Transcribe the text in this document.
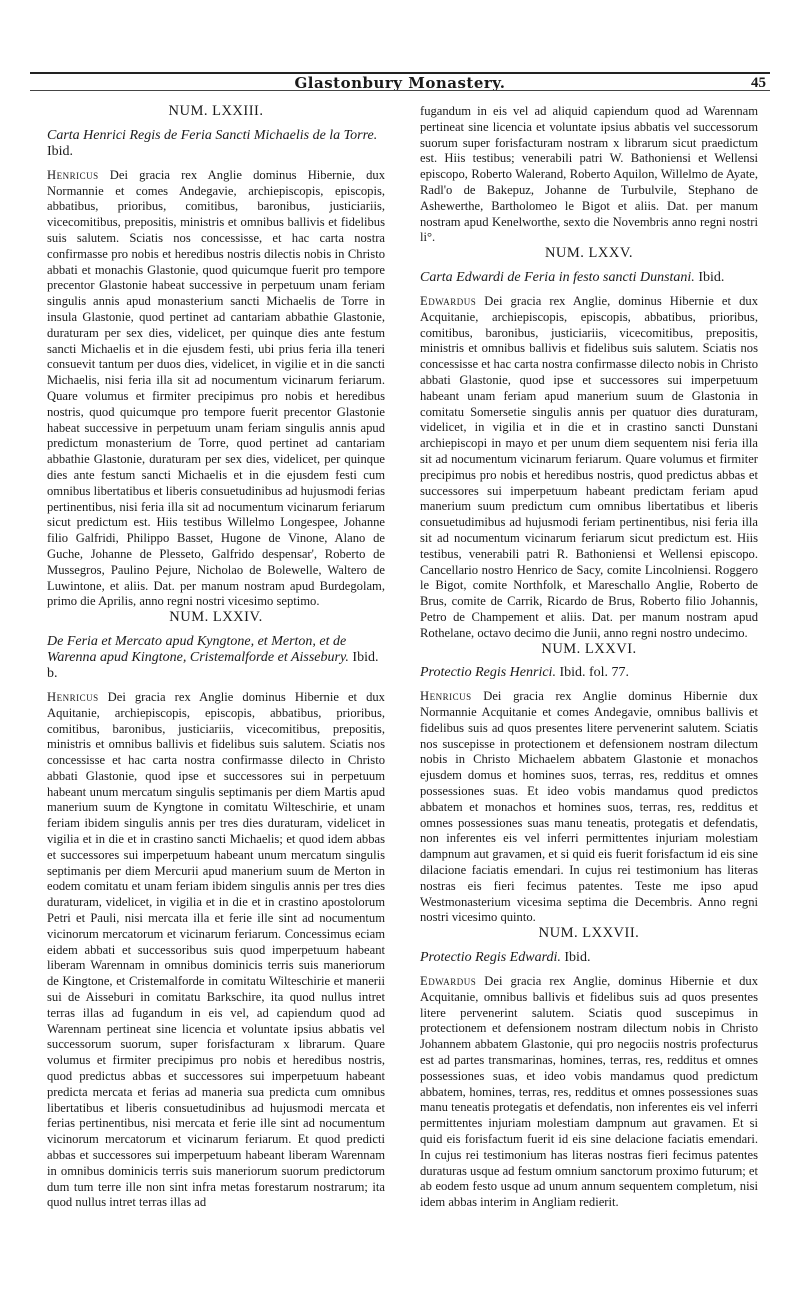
Glastonbury Monastery.	45
NUM. LXXIII.
Carta Henrici Regis de Feria Sancti Michaelis de la Torre. Ibid.

Henricus Dei gracia rex Anglie dominus Hibernie, dux Normannie et comes Andegavie, archiepiscopis, episcopis, abbatibus, prioribus, comitibus, baronibus, justiciariis, vicecomitibus, prepositis, ministris et omnibus ballivis et fidelibus suis salutem. Sciatis nos concessisse, et hac carta nostra confirmasse pro nobis et heredibus nostris dilectis nobis in Christo abbati et monachis Glastonie, quod quicumque fuerit pro tempore precentor Glastonie habeat successive in perpetuum unam feriam singulis annis apud monasterium sancti Michaelis de Torre in insula Glastonie, quod pertinet ad cantariam abbathie Glastonie, duraturam per sex dies, videlicet, per quinque dies ante festum sancti Michaelis et in die ejusdem festi, ubi prius feria illa teneri consuevit tantum per duos dies, videlicet, in vigilie et in die sancti Michaelis, nisi feria illa sit ad nocumentum vicinarum feriarum. Quare volumus et firmiter precipimus pro nobis et heredibus nostris, quod quicumque pro tempore fuerit precentor Glastonie habeat successive in perpetuum unam feriam singulis annis apud predictum monasterium de Torre, quod pertinet ad cantariam abbathie Glastonie, duraturam per sex dies, videlicet, per quinque dies ante festum sancti Michaelis et in die ejusdem festi cum omnibus libertatibus et liberis consuetudinibus ad hujusmodi ferias pertinentibus, nisi feria illa sit ad nocumentum vicinarum feriarum sicut predictum est. Hiis testibus Willelmo Longespee, Johanne filio Galfridi, Philippo Basset, Hugone de Vinone, Alano de Guche, Johanne de Plesseto, Galfrido despensar', Roberto de Mussegros, Paulino Pejure, Nicholao de Bolewelle, Waltero de Luwintone, et aliis. Dat. per manum nostram apud Burdegolam, primo die Aprilis, anno regni nostri vicesimo septimo.

NUM. LXXIV.
De Feria et Mercato apud Kyngtone, et Merton, et de Warenna apud Kingtone, Cristemalforde et Aissebury. Ibid. b.

Henricus Dei gracia rex Anglie dominus Hibernie et dux Aquitanie, archiepiscopis, episcopis, abbatibus, prioribus, comitibus, baronibus, justiciariis, vicecomitibus, prepositis, ministris et omnibus ballivis et fidelibus suis salutem. Sciatis nos concessisse et hac carta nostra confirmasse dilecto in Christo abbati Glastonie, quod ipse et successores sui in perpetuum habeant unum mercatum singulis septimanis per diem Martis apud manerium suum de Kyngtone in comitatu Wilteschirie, et unam feriam ibidem singulis annis per tres dies duraturam, videlicet in vigilia et in die et in crastino sancti Michaelis; et quod idem abbas et successores sui imperpetuum habeant unum mercatum singulis septimanis per diem Mercurii apud manerium suum de Merton in eodem comitatu et unam feriam ibidem singulis annis per tres dies duraturam, videlicet, in vigilia et in die et in crastino apostolorum Petri et Pauli, nisi mercata illa et ferie ille sint ad nocumentum vicinorum mercatorum et vicinarum feriarum. Concessimus eciam eidem abbati et successoribus suis quod imperpetuum habeant liberam Warennam in omnibus dominicis terris suis maneriorum de Kingtone, et Cristemalforde in comitatu Wilteschirie et manerii sui de Aisseburi in comitatu Barkschire, ita quod nullus intret terras illas ad fugandum in eis vel, ad capiendum quod ad Warennam pertineat sine licencia et voluntate ipsius abbatis vel successorum suorum, super forisfacturam x librarum. Quare volumus et firmiter precipimus pro nobis et heredibus nostris, quod predictus abbas et successores sui imperpetuum habeant predicta mercata et ferias ad maneria sua predicta cum omnibus libertatibus et liberis consuetudinibus ad hujusmodi mercata et ferias pertinentibus, nisi mercata et ferie ille sint ad nocumentum vicinorum mercatorum et vicinarum feriarum. Et quod predicti abbas et successores sui imperpetuum habeant liberam Warennam in omnibus dominicis terris suis maneriorum suorum predictorum dum tum terre ille non sint infra metas forestarum nostrarum; ita quod nullus intret terras illas ad

fugandum in eis vel ad aliquid capiendum quod ad Warennam pertineat sine licencia et voluntate ipsius abbatis vel successorum suorum super forisfacturam nostram x librarum sicut praedictum est. Hiis testibus; venerabili patri W. Bathoniensi et Wellensi episcopo, Roberto Walerand, Roberto Aquilon, Willelmo de Ayate, Radl'o de Bakepuz, Johanne de Turbulvile, Stephano de Ashewerthe, Bartholomeo le Bigot et aliis. Dat. per manum nostram apud Kenelworthe, sexto die Novembris anno regni nostri li°.

NUM. LXXV.
Carta Edwardi de Feria in festo sancti Dunstani. Ibid.

Edwardus Dei gracia rex Anglie, dominus Hibernie et dux Acquitanie, archiepiscopis, episcopis, abbatibus, prioribus, comitibus, baronibus, justiciariis, vicecomitibus, prepositis, ministris et omnibus ballivis et fidelibus suis salutem. Sciatis nos concessisse et hac carta nostra confirmasse dilecto nobis in Christo abbati Glastonie, quod ipse et successores sui imperpetuum habeant unam feriam apud manerium suum de Glastonia in comitatu Somersetie singulis annis per quatuor dies duraturam, videlicet, in vigilia et in die et in crastino sancti Dunstani archiepiscopi in mayo et per unum diem sequentem nisi feria illa sit ad nocumentum vicinarum feriarum. Quare volumus et firmiter precipimus pro nobis et heredibus nostris, quod predictus abbas et successores sui imperpetuum habeant predictam feriam apud manerium suum predictum cum omnibus libertatibus et liberis consuetudimibus ad hujusmodi feriam pertinentibus, nisi feria illa sit ad nocumentum vicinarum feriarum sicut predictum est. Hiis testibus, venerabili patri R. Bathoniensi et Wellensi episcopo. Cancellario nostro Henrico de Sacy, comite Lincolniensi. Roggero le Bigot, comite Northfolk, et Mareschallo Anglie, Roberto de Brus, comite de Carrik, Ricardo de Brus, Roberto filio Johannis, Petro de Champement et aliis. Dat. per manum nostram apud Rothelane, octavo decimo die Junii, anno regni nostro undecimo.

NUM. LXXVI.
Protectio Regis Henrici. Ibid. fol. 77.

Henricus Dei gracia rex Anglie dominus Hibernie dux Normannie Acquitanie et comes Andegavie, omnibus ballivis et fidelibus suis ad quos presentes litere pervenerint salutem. Sciatis nos suscepisse in protectionem et defensionem nostram dilectum nobis in Christo Michaelem abbatem Glastonie et monachos ejusdem domus et homines suos, terras, res, redditus et omnes possessiones suas. Et ideo vobis mandamus quod predictos abbatem et monachos et homines suos, terras, res, redditus et omnes possessiones suas manu teneatis, protegatis et defendatis, non inferentes eis vel inferri permittentes injuriam molestiam dampnum aut gravamen, et si quid eis fuerit forisfactum id eis sine dilacione faciatis emendari. In cujus rei testimonium has literas nostras eis fieri fecimus patentes. Teste me ipso apud Westmonasterium vicesima septima die Decembris. Anno regni nostri vicesimo quinto.

NUM. LXXVII.
Protectio Regis Edwardi. Ibid.

Edwardus Dei gracia rex Anglie, dominus Hibernie et dux Acquitanie, omnibus ballivis et fidelibus suis ad quos presentes litere pervenerint salutem. Sciatis quod suscepimus in protectionem et defensionem nostram dilectum nobis in Christo Johannem abbatem Glastonie, qui pro negociis nostris profecturus est ad partes transmarinas, homines, terras, res, redditus et omnes possessiones suas, et ideo vobis mandamus quod predictum abbatem, homines, terras, res, redditus et omnes possessiones suas manu teneatis protegatis et defendatis, non inferentes eis vel inferri permittentes injuriam molestiam dampnum aut gravamen. Et si quid eis forisfactum fuerit id eis sine delacione faciatis emendari. In cujus rei testimonium has literas nostras fieri fecimus patentes duraturas usque ad festum omnium sanctorum proximo futurum; et ab eodem festo usque ad unum annum sequentem completum, nisi idem abbas interim in Angliam redierit.
